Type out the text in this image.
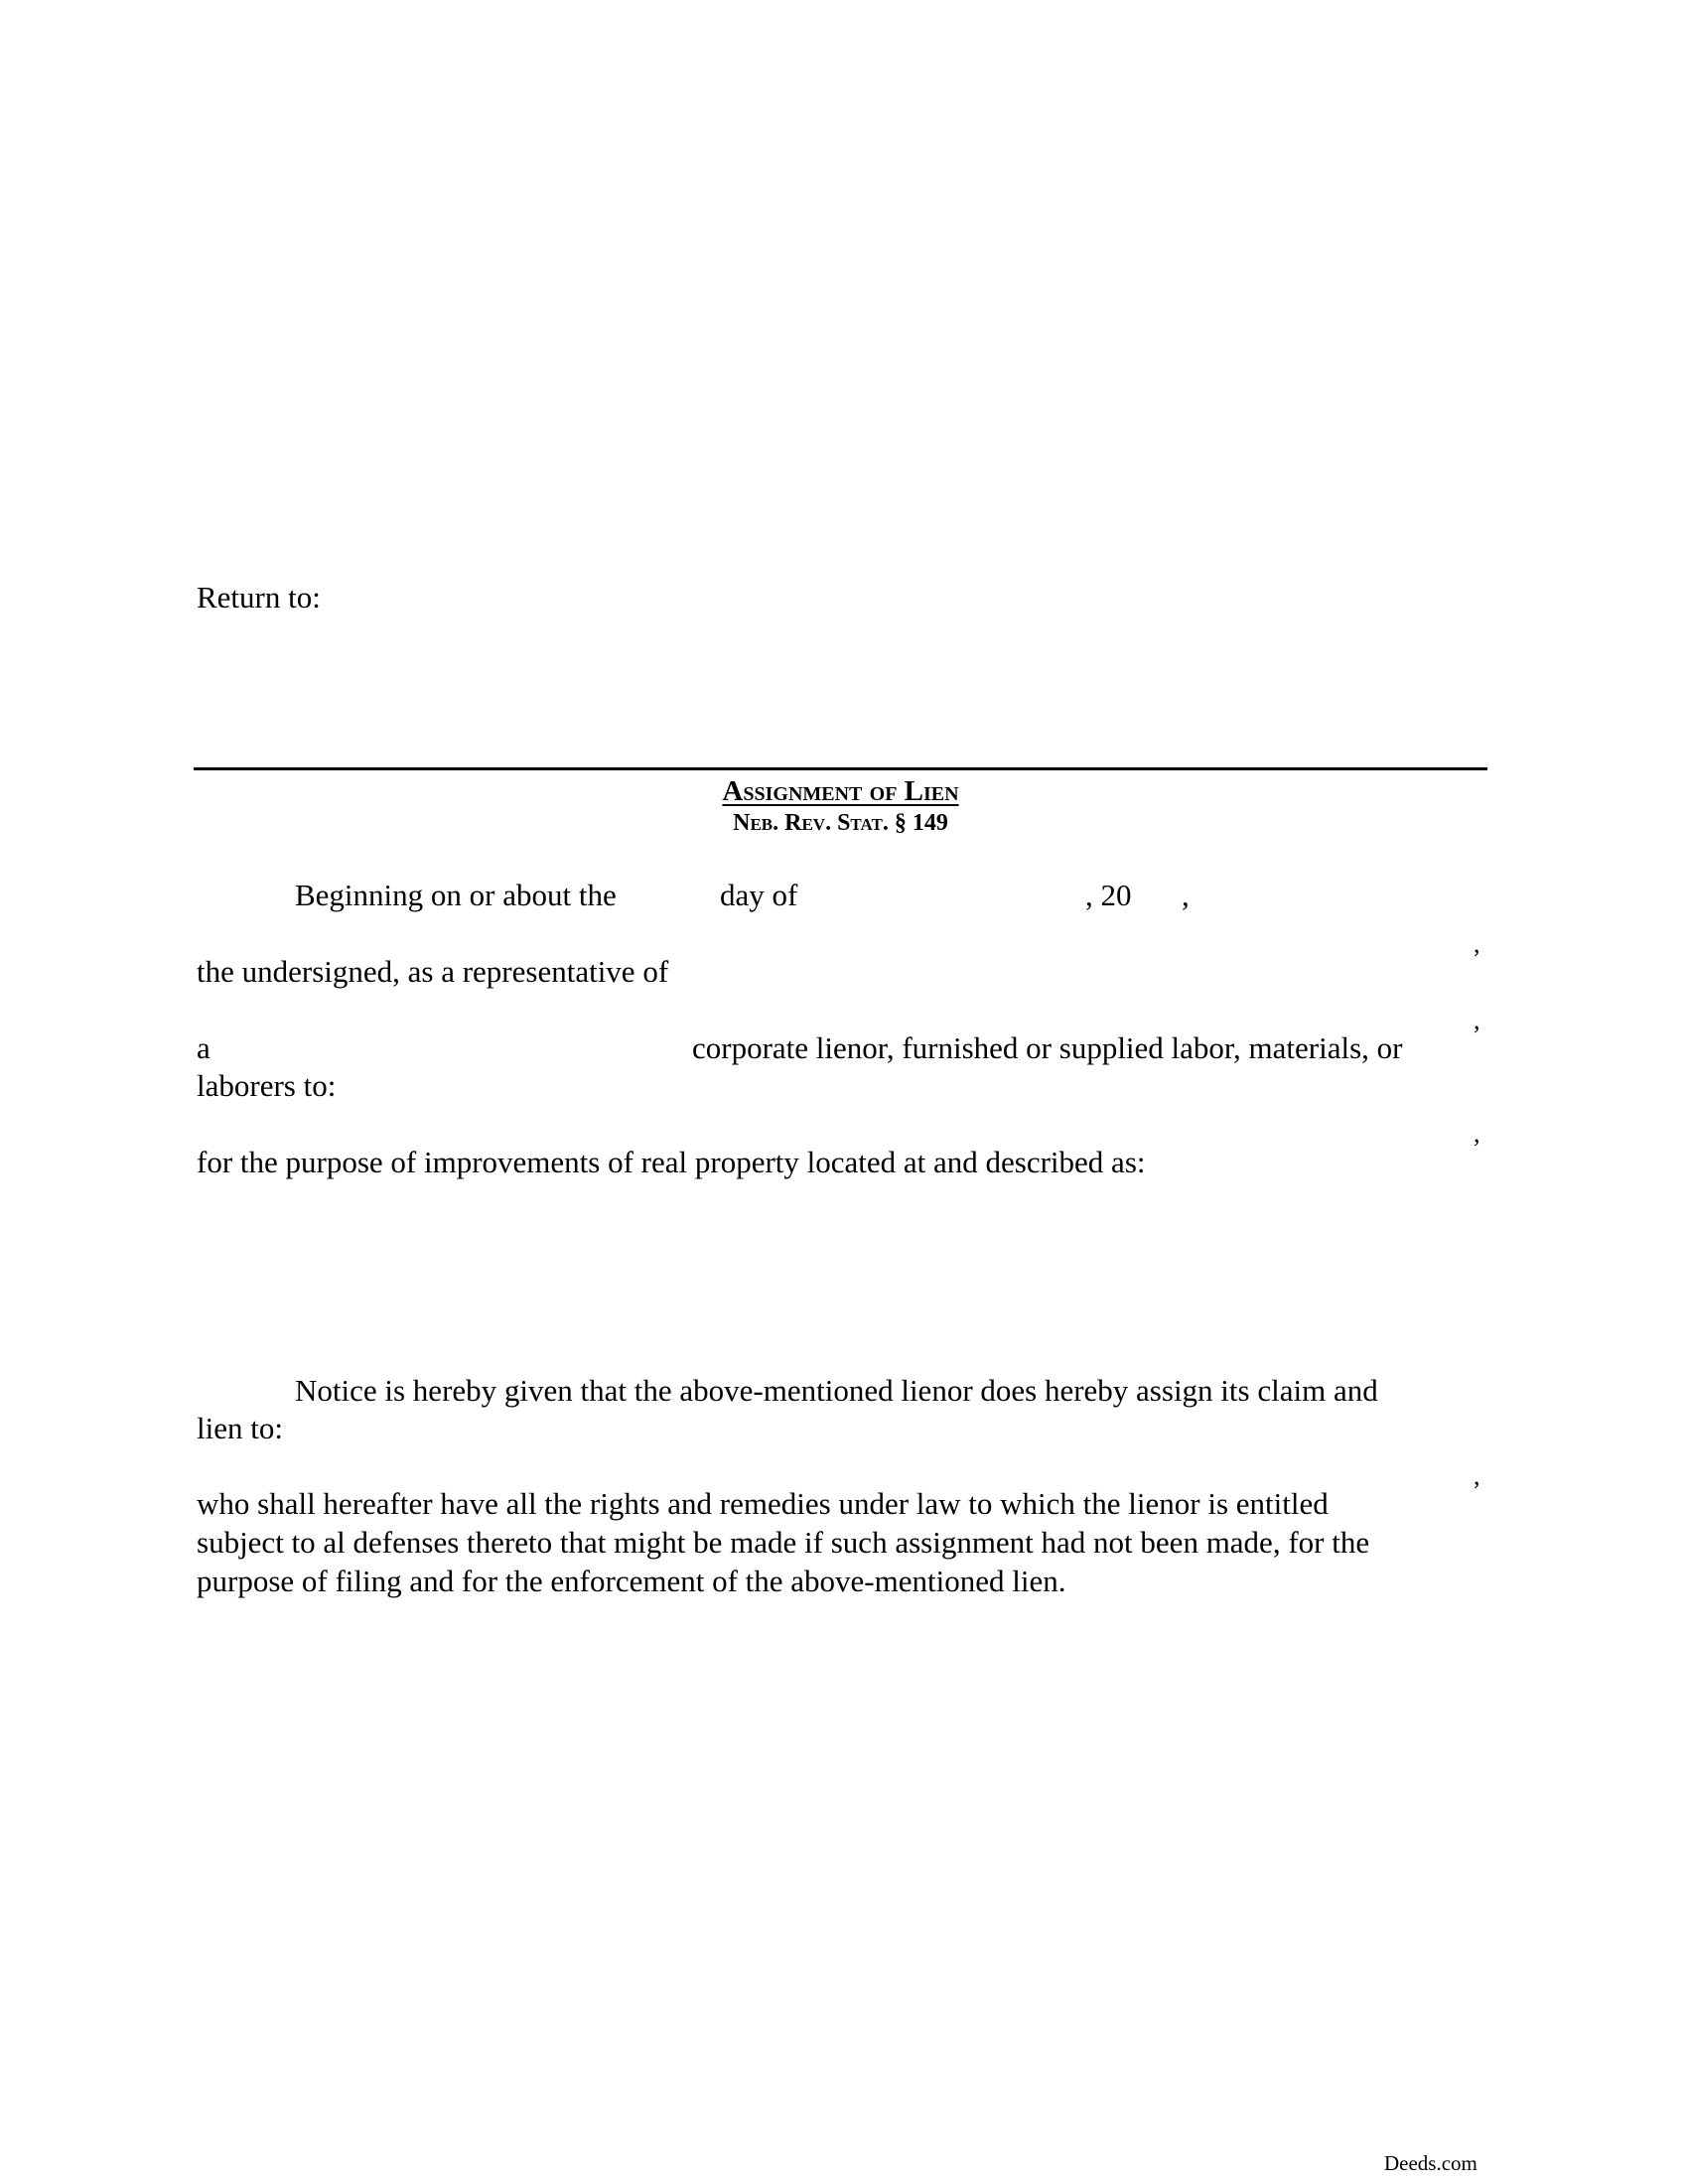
Return to:
Assignment of Lien
Neb. Rev. Stat. § 149
Beginning on or about the	day of	, 20 ,
,
the undersigned, as a representative of
,
a	corporate lienor, furnished or supplied labor, materials, or
laborers to:
,
for the purpose of improvements of real property located at and described as:
Notice is hereby given that the above-mentioned lienor does hereby assign its claim and
lien to:
,
who shall hereafter have all the rights and remedies under law to which the lienor is entitled
subject to al defenses thereto that might be made if such assignment had not been made, for the
purpose of filing and for the enforcement of the above-mentioned lien.
Deeds.com
